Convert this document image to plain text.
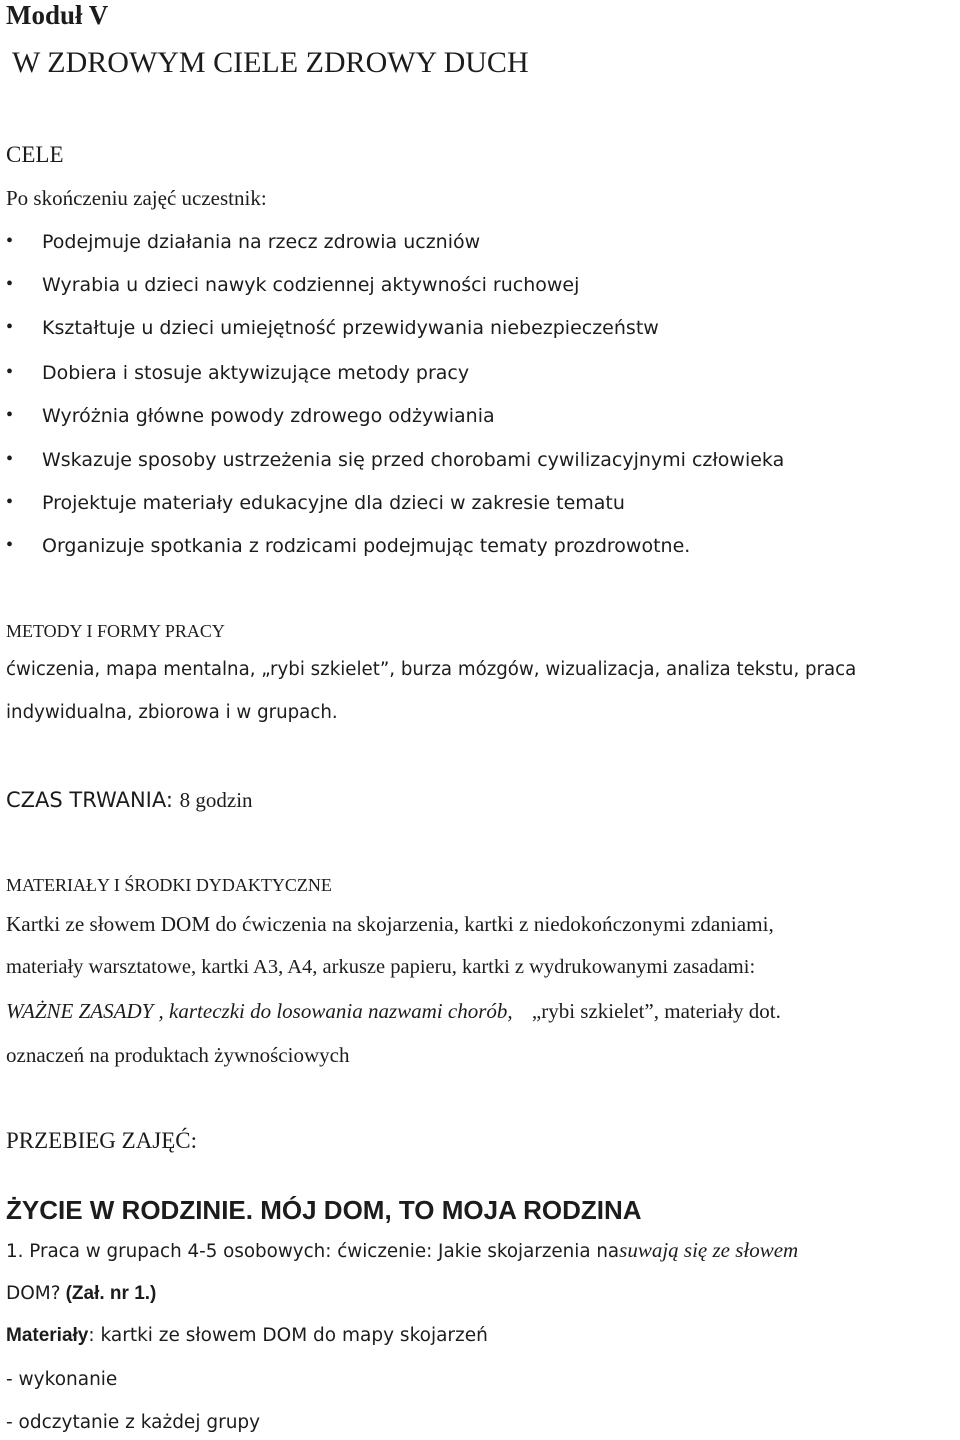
Moduł V
W ZDROWYM CIELE ZDROWY DUCH
CELE
Po skończeniu zajęć uczestnik:
• Podejmuje działania na rzecz zdrowia uczniów
• Wyrabia u dzieci nawyk codziennej aktywności ruchowej
• Kształtuje u dzieci umiejętność przewidywania niebezpieczeństw
• Dobiera i stosuje aktywizujące metody pracy
• Wyróżnia główne powody zdrowego odżywiania
• Wskazuje sposoby ustrzeżenia się przed chorobami cywilizacyjnymi człowieka
• Projektuje materiały edukacyjne dla dzieci w zakresie tematu
• Organizuje spotkania z rodzicami podejmując tematy prozdrowotne.
METODY I FORMY PRACY
ćwiczenia, mapa mentalna, „rybi szkielet”, burza mózgów, wizualizacja, analiza tekstu, praca
indywidualna, zbiorowa i w grupach.
CZAS TRWANIA: 8 godzin
MATERIAŁY I ŚRODKI DYDAKTYCZNE
Kartki ze słowem DOM do ćwiczenia na skojarzenia, kartki z niedokończonymi zdaniami,
materiały warsztatowe, kartki A3, A4, arkusze papieru, kartki z wydrukowanymi zasadami:
WAŻNE ZASADY , karteczki do losowania nazwami chorób, „rybi szkielet”, materiały dot.
oznaczeń na produktach żywnościowych
PRZEBIEG ZAJĘĆ:
ŻYCIE W RODZINIE. MÓJ DOM, TO MOJA RODZINA
1. Praca w grupach 4-5 osobowych: ćwiczenie: Jakie skojarzenia nasuwają się ze słowem
DOM? (Zał. nr 1.)
Materiały: kartki ze słowem DOM do mapy skojarzeń
- wykonanie
- odczytanie z każdej grupy
